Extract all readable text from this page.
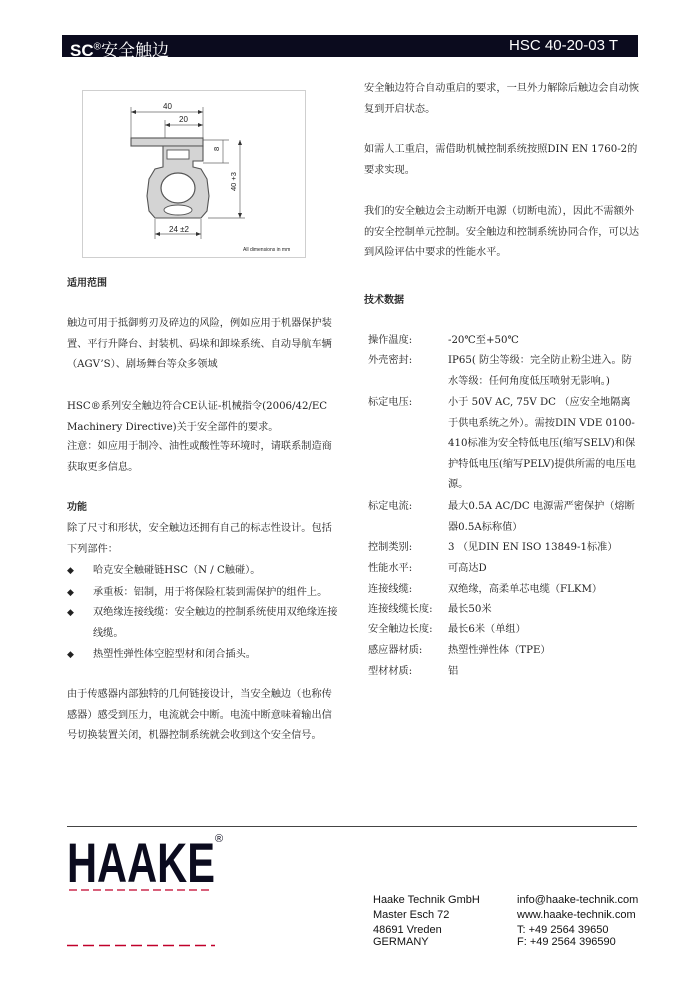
SC®安全触边	HSC 40-20-03 T
40
20
8
40 +3
24 ±2
All dimensions in mm
适用范围

触边可用于抵御剪刃及碎边的风险，例如应用于机器保护装置、平行升降台、封装机、码垛和卸垛系统、自动导航车辆（AGV’S）、剧场舞台等众多领域

HSC®系列安全触边符合CE认证-机械指令(2006/42/EC Machinery Directive)关于安全部件的要求。

注意：如应用于制冷、油性或酸性等环境时，请联系制造商获取更多信息。

功能

除了尺寸和形状，安全触边还拥有自己的标志性设计。包括下列部件：

◆ 哈克安全触碰链HSC（N / C触碰）。
◆ 承重板：铝制，用于将保险杠装到需保护的组件上。
◆ 双绝缘连接线缆：安全触边的控制系统使用双绝缘连接线缆。
◆ 热塑性弹性体空腔型材和闭合插头。

由于传感器内部独特的几何链接设计，当安全触边（也称传感器）感受到压力，电流就会中断。电流中断意味着输出信号切换装置关闭，机器控制系统就会收到这个安全信号。

安全触边符合自动重启的要求，一旦外力解除后触边会自动恢复到开启状态。

如需人工重启，需借助机械控制系统按照DIN EN 1760-2的要求实现。

我们的安全触边会主动断开电源（切断电流），因此不需额外的安全控制单元控制。安全触边和控制系统协同合作，可以达到风险评估中要求的性能水平。

技术数据
操作温度:	-20℃至+50℃
外壳密封:	IP65( 防尘等级：完全防止粉尘进入。防水等级：任何角度低压喷射无影响。)
标定电压:	小于 50V AC, 75V DC （应安全地隔离于供电系统之外）。需按DIN VDE 0100-410标准为安全特低电压(缩写SELV)和保护特低电压(缩写PELV)提供所需的电压电源。
标定电流:	最大0.5A AC/DC 电源需严密保护（熔断器0.5A标称值）
控制类别:	3 （见DIN EN ISO 13849-1标准）
性能水平:	可高达D
连接线缆:	双绝缘，高柔单芯电缆（FLKM）
连接线缆长度:	最长50米
安全触边长度:	最长6米（单组）
感应器材质:	热塑性弹性体（TPE）
型材材质:	铝
HAAKE ®
Haake Technik GmbH
Master Esch 72
48691 Vreden
GERMANY
info@haake-technik.com
www.haake-technik.com
T: +49 2564 39650
F: +49 2564 396590
